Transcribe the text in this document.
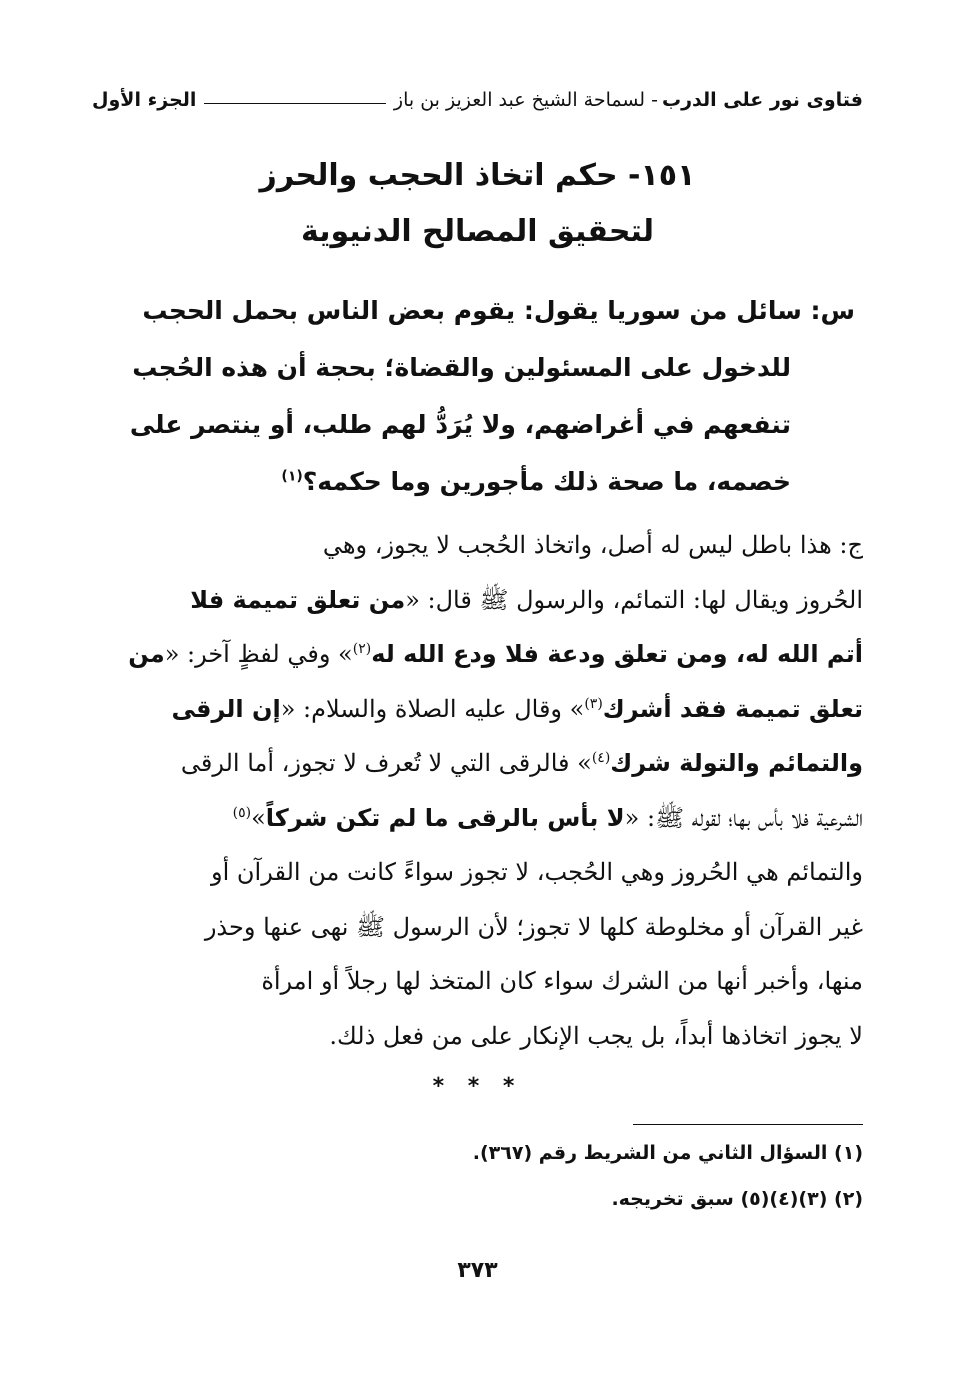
فتاوى نور على الدرب
- لسماحة الشيخ عبد العزيز بن باز
الجزء الأول
١٥١- حكم اتخاذ الحجب والحرز
لتحقيق المصالح الدنيوية
س: سائل من سوريا يقول: يقوم بعض الناس بحمل الحجب
للدخول على المسئولين والقضاة؛ بحجة أن هذه الحُجب
تنفعهم في أغراضهم، ولا يُرَدُّ لهم طلب، أو ينتصر على
خصمه، ما صحة ذلك مأجورين وما حكمه؟$^{(١)}$
ج: هذا باطل ليس له أصل، واتخاذ الحُجب لا يجوز، وهي
الحُروز ويقال لها: التمائم، والرسول ﷺ قال: «من تعلق تميمة فلا
أتم الله له، ومن تعلق ودعة فلا ودع الله له$^{(٢)}$» وفي لفظٍ آخر: «من
تعلق تميمة فقد أشرك$^{(٣)}$» وقال عليه الصلاة والسلام: «إن الرقى
والتمائم والتولة شرك$^{(٤)}$» فالرقى التي لا تُعرف لا تجوز، أما الرقى
الشرعية فلا بأس بها؛ لقوله ﷺ: «لا بأس بالرقى ما لم تكن شركاً»$^{(٥)}$
والتمائم هي الحُروز وهي الحُجب، لا تجوز سواءً كانت من القرآن أو
غير القرآن أو مخلوطة كلها لا تجوز؛ لأن الرسول ﷺ نهى عنها وحذر
منها، وأخبر أنها من الشرك سواء كان المتخذ لها رجلاً أو امرأة
لا يجوز اتخاذها أبداً، بل يجب الإنكار على من فعل ذلك.
* * *
(١) السؤال الثاني من الشريط رقم (٣٦٧).
(٢) (٣)(٤)(٥) سبق تخريجه.
٣٧٣
